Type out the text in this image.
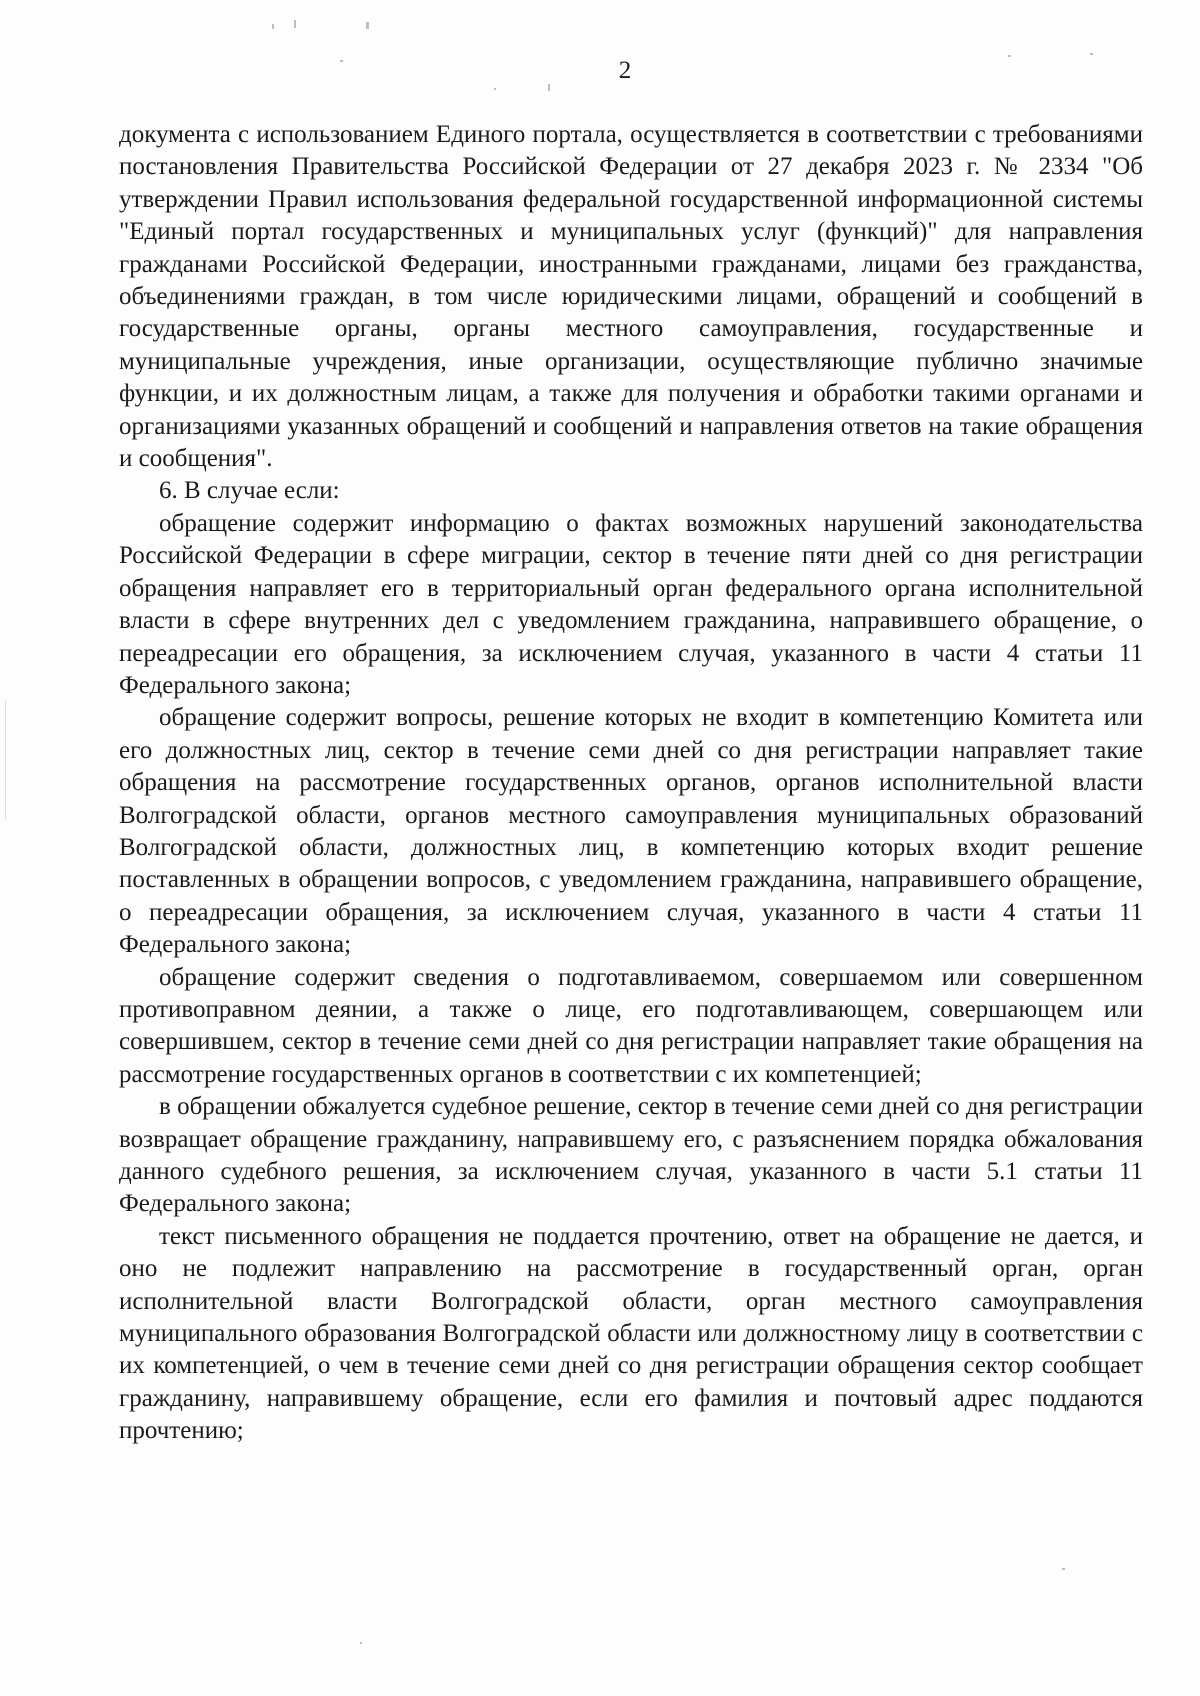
2

документа с использованием Единого портала, осуществляется в соответствии с требованиями постановления Правительства Российской Федерации от 27 декабря 2023 г. № 2334 "Об утверждении Правил использования федеральной государственной информационной системы "Единый портал государственных и муниципальных услуг (функций)" для направления гражданами Российской Федерации, иностранными гражданами, лицами без гражданства, объединениями граждан, в том числе юридическими лицами, обращений и сообщений в государственные органы, органы местного самоуправления, государственные и муниципальные учреждения, иные организации, осуществляющие публично значимые функции, и их должностным лицам, а также для получения и обработки такими органами и организациями указанных обращений и сообщений и направления ответов на такие обращения и сообщения".

6. В случае если:

обращение содержит информацию о фактах возможных нарушений законодательства Российской Федерации в сфере миграции, сектор в течение пяти дней со дня регистрации обращения направляет его в территориальный орган федерального органа исполнительной власти в сфере внутренних дел с уведомлением гражданина, направившего обращение, о переадресации его обращения, за исключением случая, указанного в части 4 статьи 11 Федерального закона;

обращение содержит вопросы, решение которых не входит в компетенцию Комитета или его должностных лиц, сектор в течение семи дней со дня регистрации направляет такие обращения на рассмотрение государственных органов, органов исполнительной власти Волгоградской области, органов местного самоуправления муниципальных образований Волгоградской области, должностных лиц, в компетенцию которых входит решение поставленных в обращении вопросов, с уведомлением гражданина, направившего обращение, о переадресации обращения, за исключением случая, указанного в части 4 статьи 11 Федерального закона;

обращение содержит сведения о подготавливаемом, совершаемом или совершенном противоправном деянии, а также о лице, его подготавливающем, совершающем или совершившем, сектор в течение семи дней со дня регистрации направляет такие обращения на рассмотрение государственных органов в соответствии с их компетенцией;

в обращении обжалуется судебное решение, сектор в течение семи дней со дня регистрации возвращает обращение гражданину, направившему его, с разъяснением порядка обжалования данного судебного решения, за исключением случая, указанного в части 5.1 статьи 11 Федерального закона;

текст письменного обращения не поддается прочтению, ответ на обращение не дается, и оно не подлежит направлению на рассмотрение в государственный орган, орган исполнительной власти Волгоградской области, орган местного самоуправления муниципального образования Волгоградской области или должностному лицу в соответствии с их компетенцией, о чем в течение семи дней со дня регистрации обращения сектор сообщает гражданину, направившему обращение, если его фамилия и почтовый адрес поддаются прочтению;
